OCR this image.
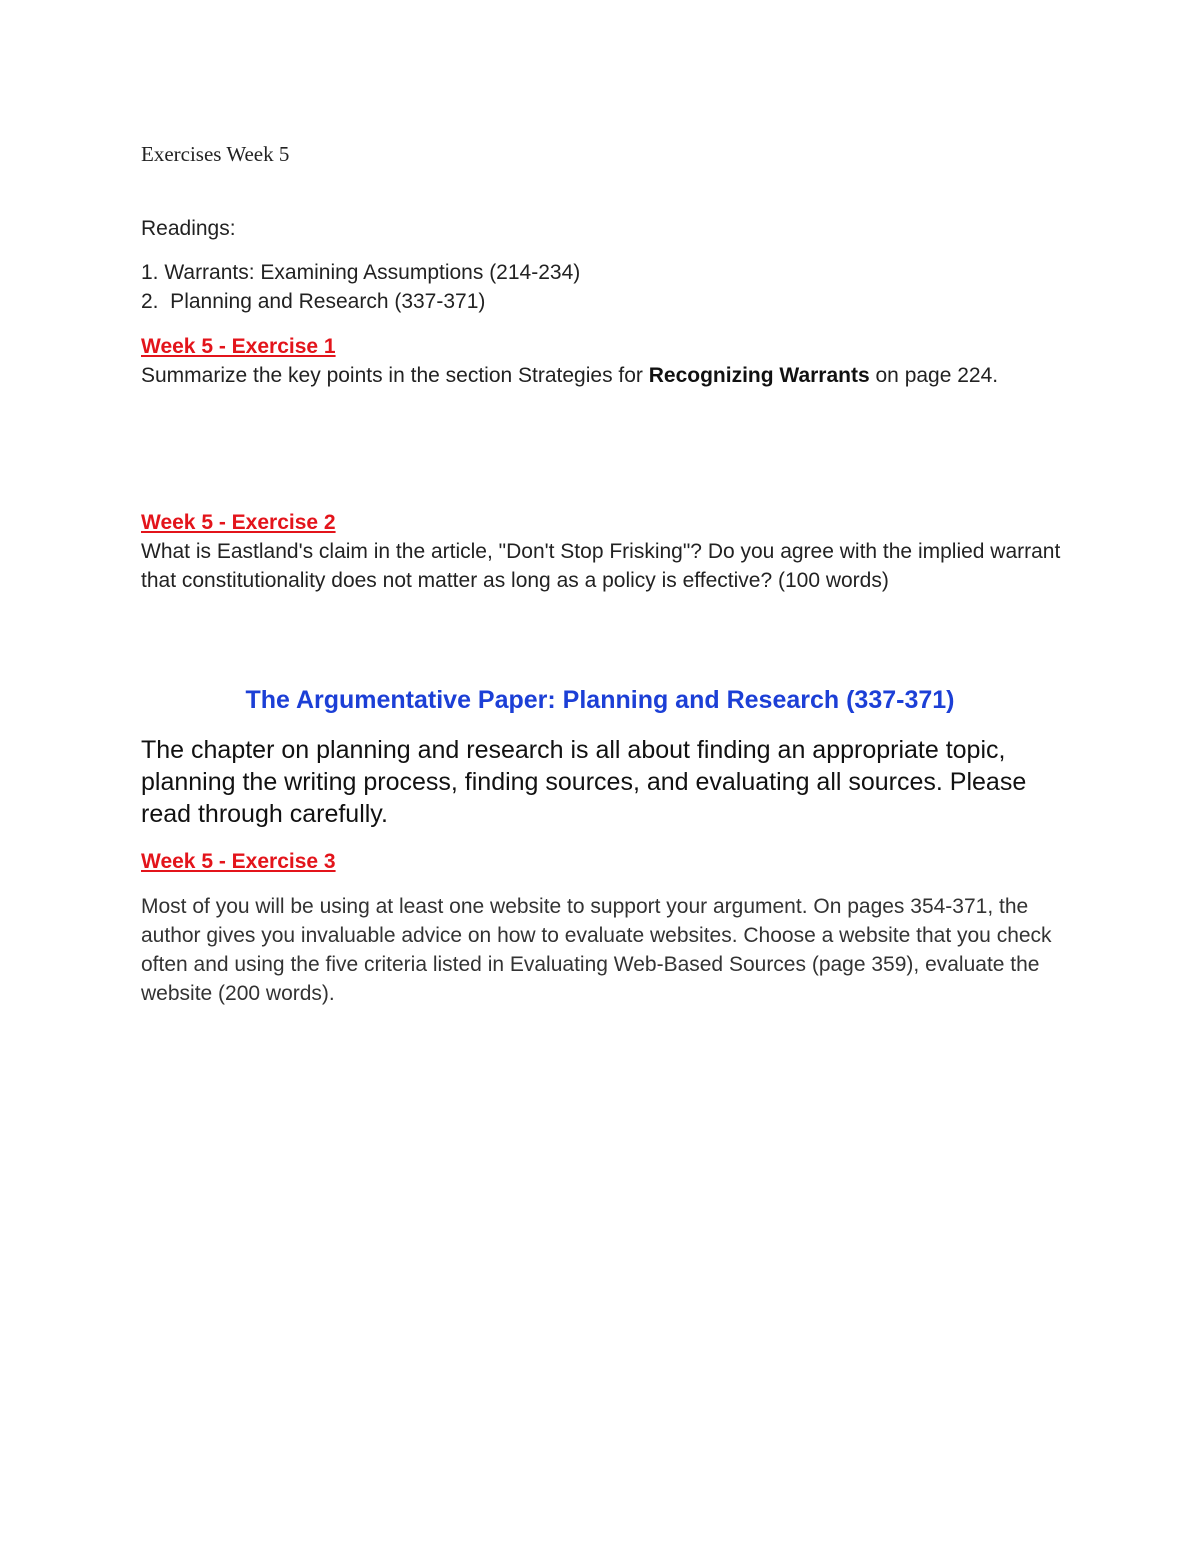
Exercises Week 5

Readings:

1. Warrants: Examining Assumptions (214-234)
2.  Planning and Research (337-371)

Week 5 - Exercise 1

Summarize the key points in the section Strategies for Recognizing Warrants on page 224.

Week 5 - Exercise 2

What is Eastland's claim in the article, "Don't Stop Frisking"? Do you agree with the implied warrant that constitutionality does not matter as long as a policy is effective? (100 words)

The Argumentative Paper: Planning and Research (337-371)

The chapter on planning and research is all about finding an appropriate topic, planning the writing process, finding sources, and evaluating all sources. Please read through carefully.

Week 5 - Exercise 3

Most of you will be using at least one website to support your argument. On pages 354-371, the author gives you invaluable advice on how to evaluate websites. Choose a website that you check often and using the five criteria listed in Evaluating Web-Based Sources (page 359), evaluate the website (200 words).
